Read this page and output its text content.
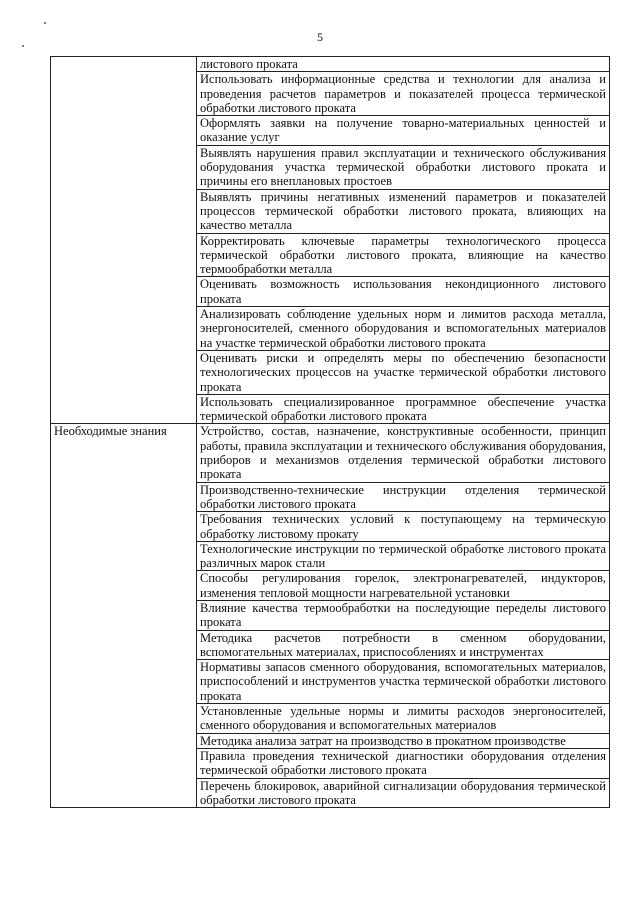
5
	листового проката
	Использовать информационные средства и технологии для анализа и проведения расчетов параметров и показателей процесса термической обработки листового проката
	Оформлять заявки на получение товарно-материальных ценностей и оказание услуг
	Выявлять нарушения правил эксплуатации и технического обслуживания оборудования участка термической обработки листового проката и причины его внеплановых простоев
	Выявлять причины негативных изменений параметров и показателей процессов термической обработки листового проката, влияющих на качество металла
	Корректировать ключевые параметры технологического процесса термической обработки листового проката, влияющие на качество термообработки металла
	Оценивать возможность использования некондиционного листового проката
	Анализировать соблюдение удельных норм и лимитов расхода металла, энергоносителей, сменного оборудования и вспомогательных материалов на участке термической обработки листового проката
	Оценивать риски и определять меры по обеспечению безопасности технологических процессов на участке термической обработки листового проката
	Использовать специализированное программное обеспечение участка термической обработки листового проката
Необходимые знания	Устройство, состав, назначение, конструктивные особенности, принцип работы, правила эксплуатации и технического обслуживания оборудования, приборов и механизмов отделения термической обработки листового проката
	Производственно-технические инструкции отделения термической обработки листового проката
	Требования технических условий к поступающему на термическую обработку листовому прокату
	Технологические инструкции по термической обработке листового проката различных марок стали
	Способы регулирования горелок, электронагревателей, индукторов, изменения тепловой мощности нагревательной установки
	Влияние качества термообработки на последующие переделы листового проката
	Методика расчетов потребности в сменном оборудовании, вспомогательных материалах, приспособлениях и инструментах
	Нормативы запасов сменного оборудования, вспомогательных материалов, приспособлений и инструментов участка термической обработки листового проката
	Установленные удельные нормы и лимиты расходов энергоносителей, сменного оборудования и вспомогательных материалов
	Методика анализа затрат на производство в прокатном производстве
	Правила проведения технической диагностики оборудования отделения термической обработки листового проката
	Перечень блокировок, аварийной сигнализации оборудования термической обработки листового проката
